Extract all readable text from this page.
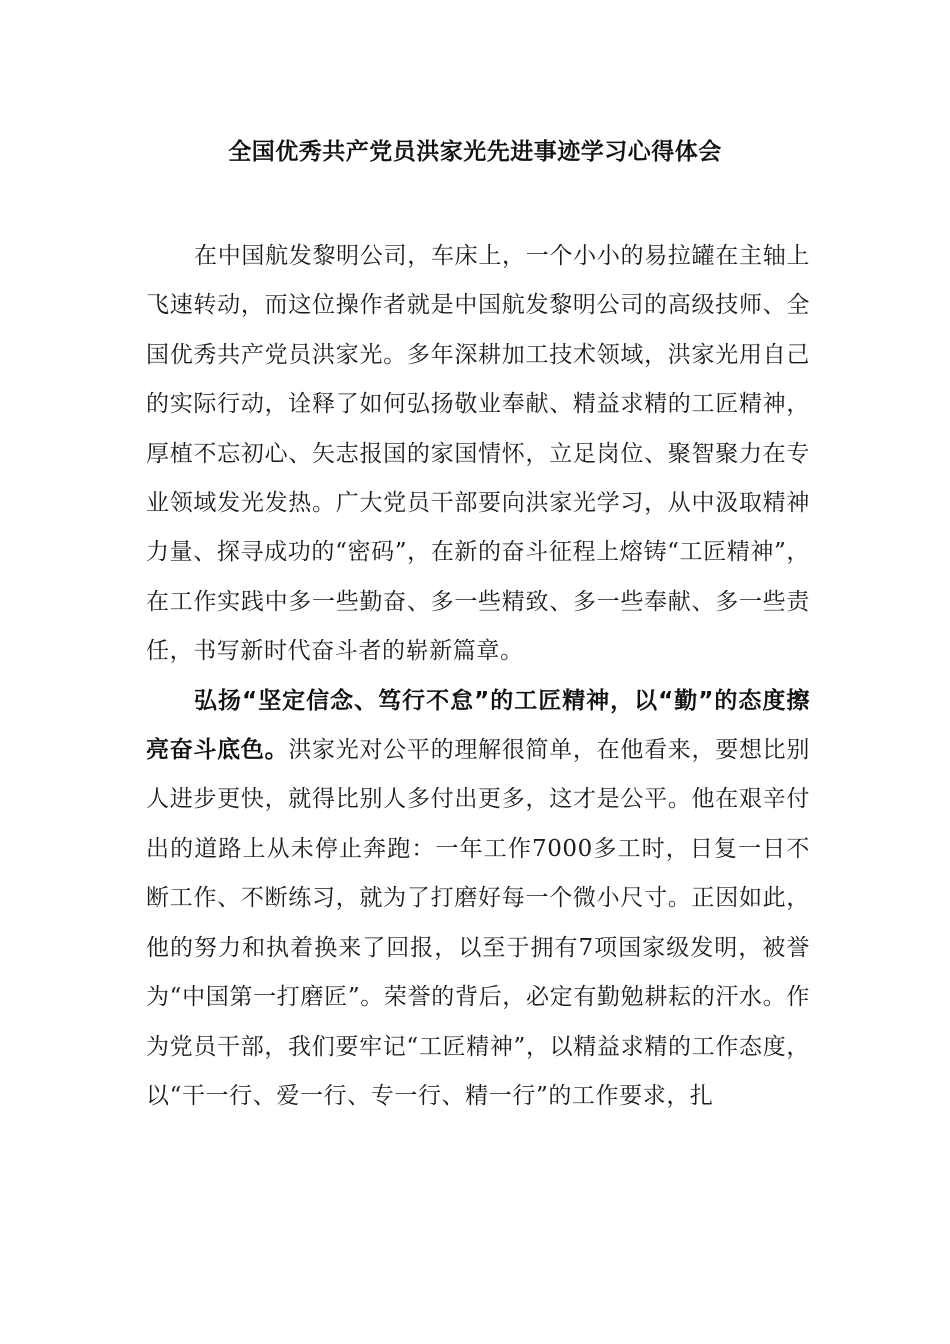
全国优秀共产党员洪家光先进事迹学习心得体会

在中国航发黎明公司，车床上，一个小小的易拉罐在主轴上飞速转动，而这位操作者就是中国航发黎明公司的高级技师、全国优秀共产党员洪家光。多年深耕加工技术领域，洪家光用自己的实际行动，诠释了如何弘扬敬业奉献、精益求精的工匠精神，厚植不忘初心、矢志报国的家国情怀，立足岗位、聚智聚力在专业领域发光发热。广大党员干部要向洪家光学习，从中汲取精神力量、探寻成功的“密码”，在新的奋斗征程上熔铸“工匠精神”，在工作实践中多一些勤奋、多一些精致、多一些奉献、多一些责任，书写新时代奋斗者的崭新篇章。

弘扬“坚定信念、笃行不怠”的工匠精神，以“勤”的态度擦亮奋斗底色。洪家光对公平的理解很简单，在他看来，要想比别人进步更快，就得比别人多付出更多，这才是公平。他在艰辛付出的道路上从未停止奔跑：一年工作7000多工时，日复一日不断工作、不断练习，就为了打磨好每一个微小尺寸。正因如此，他的努力和执着换来了回报，以至于拥有7项国家级发明，被誉为“中国第一打磨匠”。荣誉的背后，必定有勤勉耕耘的汗水。作为党员干部，我们要牢记“工匠精神”，以精益求精的工作态度，以“干一行、爱一行、专一行、精一行”的工作要求，扎
